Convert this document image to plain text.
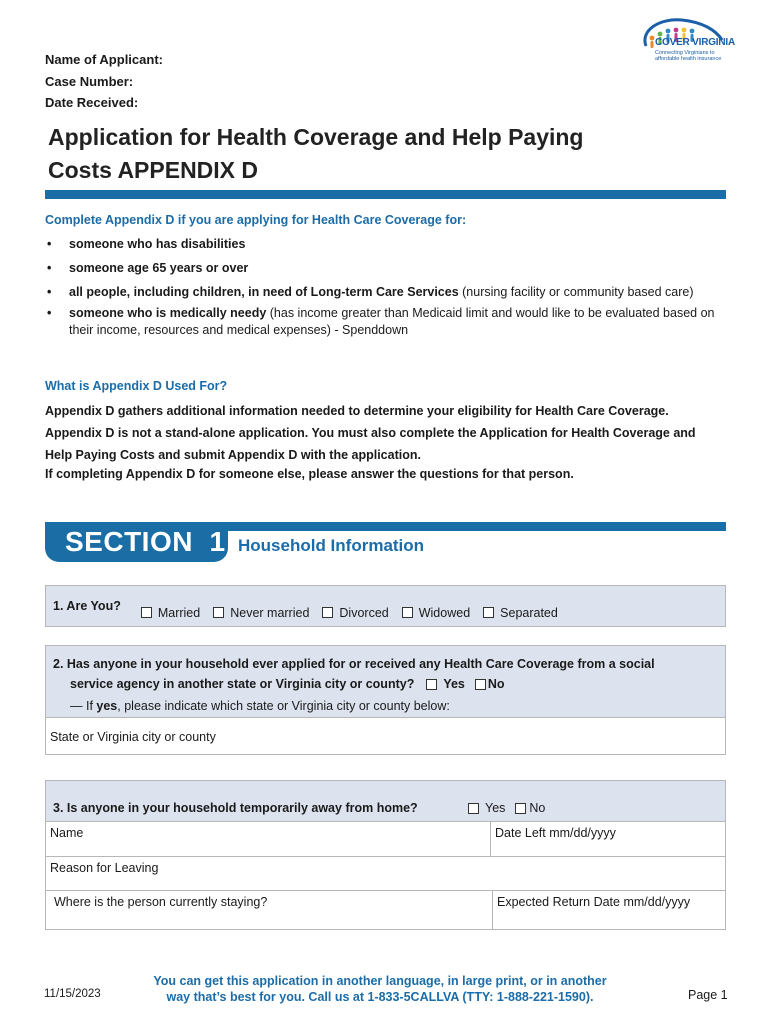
Name of Applicant:
Case Number:
Date Received:
COVER VIRGINIA
Connecting Virginians to affordable health insurance
Application for Health Coverage and Help Paying
Costs APPENDIX D
Complete Appendix D if you are applying for Health Care Coverage for:
• someone who has disabilities
• someone age 65 years or over
• all people, including children, in need of Long-term Care Services (nursing facility or community based care)
• someone who is medically needy (has income greater than Medicaid limit and would like to be evaluated based on their income, resources and medical expenses) - Spenddown
What is Appendix D Used For?
Appendix D gathers additional information needed to determine your eligibility for Health Care Coverage. Appendix D is not a stand-alone application. You must also complete the Application for Health Coverage and Help Paying Costs and submit Appendix D with the application.
If completing Appendix D for someone else, please answer the questions for that person.
SECTION  1 Household Information
1. Are You?	Married Never married Divorced Widowed Separated
2. Has anyone in your household ever applied for or received any Health Care Coverage from a social
service agency in another state or Virginia city or county? Yes No
— If yes, please indicate which state or Virginia city or county below:
State or Virginia city or county
3. Is anyone in your household temporarily away from home?	Yes No
Name	Date Left mm/dd/yyyy
Reason for Leaving
Where is the person currently staying?	Expected Return Date mm/dd/yyyy
11/15/2023
You can get this application in another language, in large print, or in another
way that’s best for you. Call us at 1-833-5CALLVA (TTY: 1-888-221-1590).	Page 1
